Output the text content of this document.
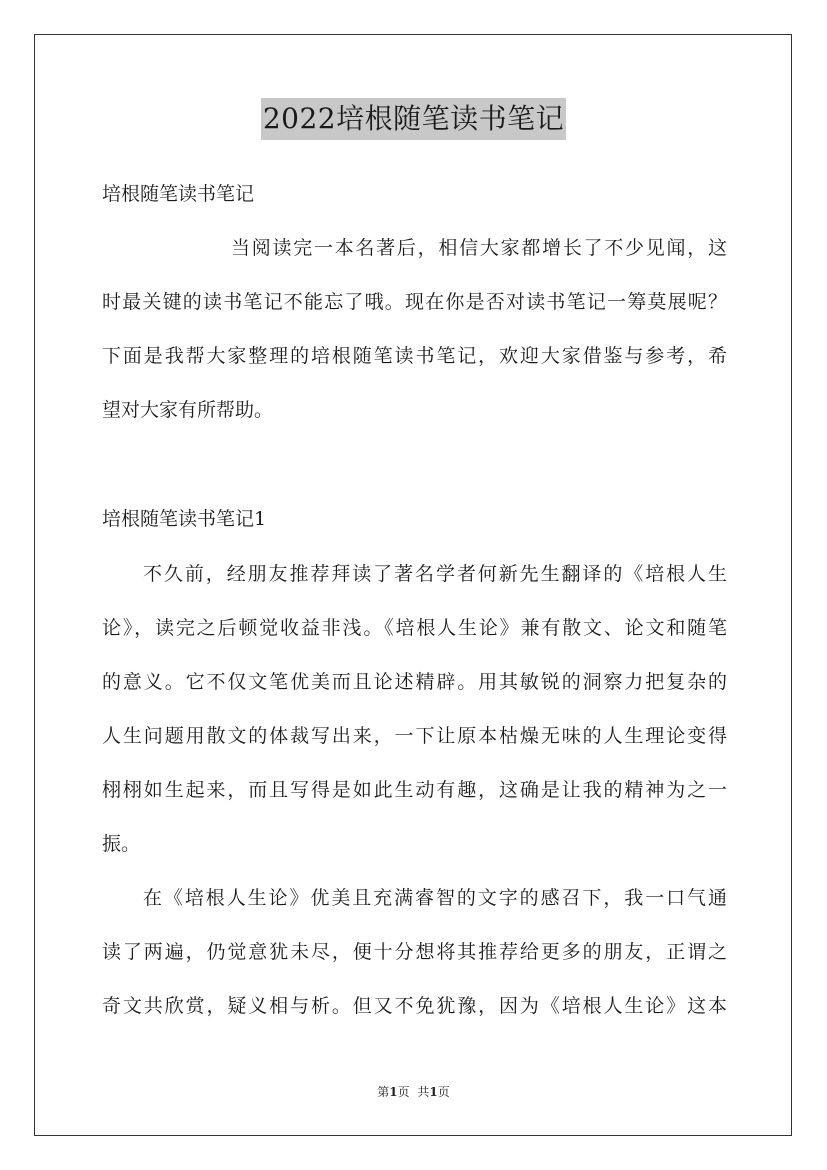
2022培根随笔读书笔记
培根随笔读书笔记
当阅读完一本名著后，相信大家都增长了不少见闻，这
时最关键的读书笔记不能忘了哦。现在你是否对读书笔记一筹莫展呢？
下面是我帮大家整理的培根随笔读书笔记，欢迎大家借鉴与参考，希
望对大家有所帮助。
培根随笔读书笔记1
不久前，经朋友推荐拜读了著名学者何新先生翻译的《培根人生
论》，读完之后顿觉收益非浅。《培根人生论》兼有散文、论文和随笔
的意义。它不仅文笔优美而且论述精辟。用其敏锐的洞察力把复杂的
人生问题用散文的体裁写出来，一下让原本枯燥无味的人生理论变得
栩栩如生起来，而且写得是如此生动有趣，这确是让我的精神为之一
振。
在《培根人生论》优美且充满睿智的文字的感召下，我一口气通
读了两遍，仍觉意犹未尽，便十分想将其推荐给更多的朋友，正谓之
奇文共欣赏，疑义相与析。但又不免犹豫，因为《培根人生论》这本
第1页 共1页
